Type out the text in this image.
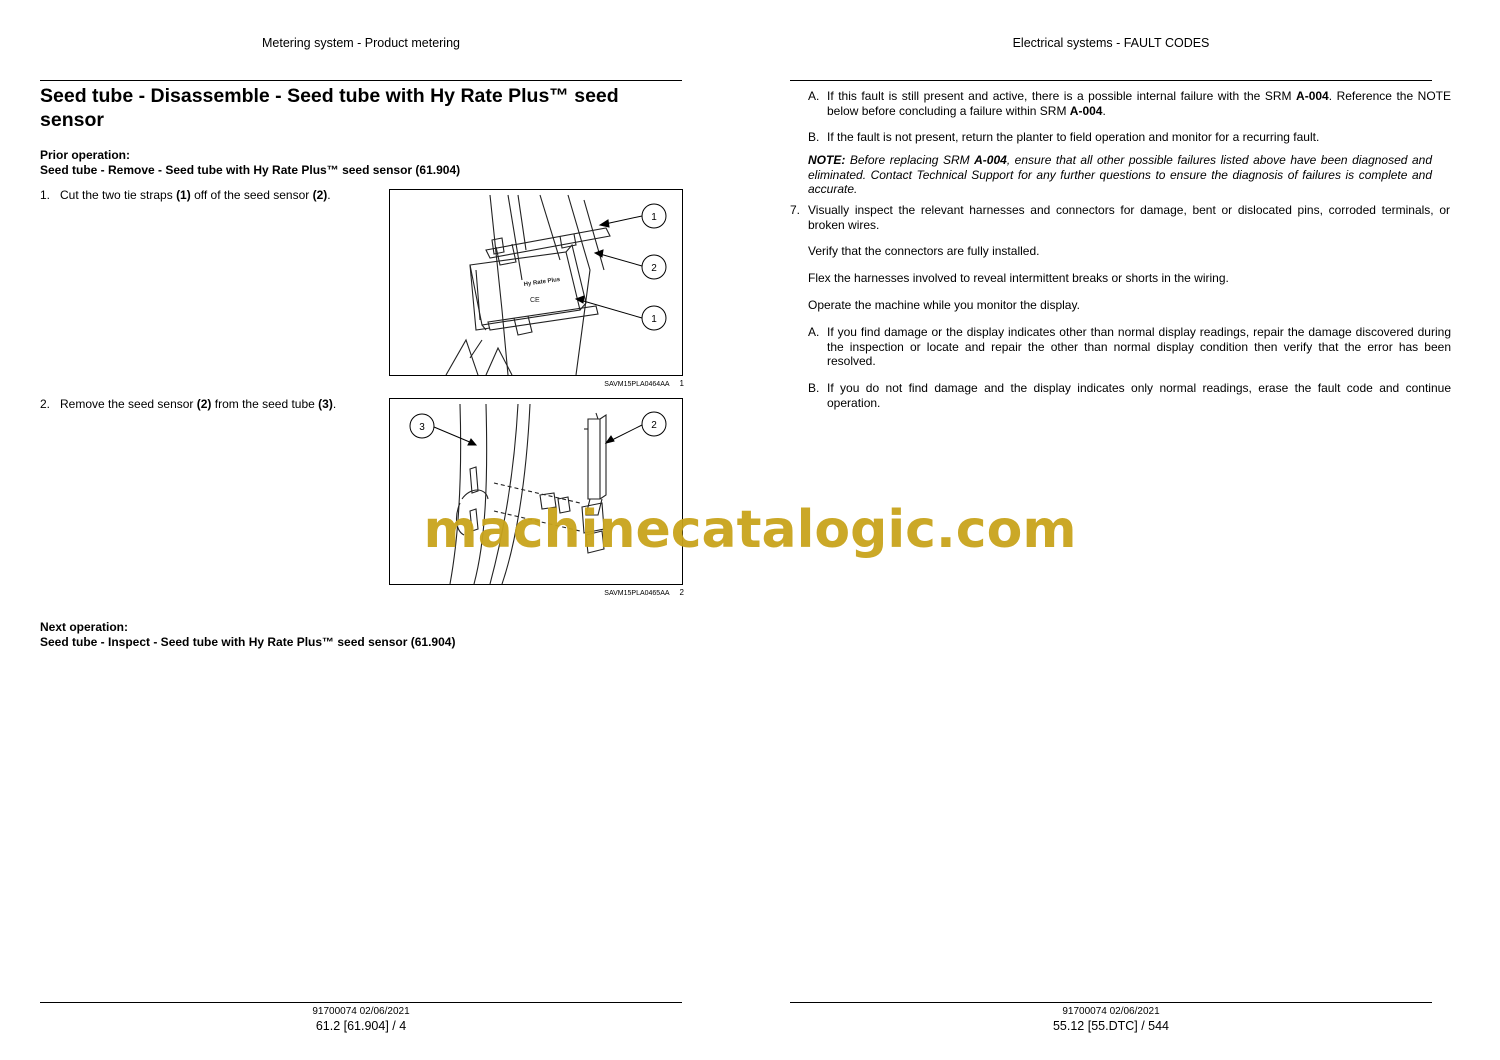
Metering system - Product metering
Seed tube - Disassemble - Seed tube with Hy Rate Plus™ seed sensor
Prior operation:
Seed tube - Remove - Seed tube with Hy Rate Plus™ seed sensor (61.904)
1. Cut the two tie straps (1) off of the seed sensor (2).
Hy Rate Plus
CE
1
2
1
SAVM15PLA0464AA 1
2. Remove the seed sensor (2) from the seed tube (3).
3	2
SAVM15PLA0465AA 2
Next operation:
Seed tube - Inspect - Seed tube with Hy Rate Plus™ seed sensor (61.904)
91700074 02/06/2021
61.2 [61.904] / 4
Electrical systems - FAULT CODES
A. If this fault is still present and active, there is a possible internal failure with the SRM A-004. Reference the NOTE below before concluding a failure within SRM A-004.
B. If the fault is not present, return the planter to field operation and monitor for a recurring fault.
NOTE: Before replacing SRM A-004, ensure that all other possible failures listed above have been diagnosed and eliminated. Contact Technical Support for any further questions to ensure the diagnosis of failures is complete and accurate.
7. Visually inspect the relevant harnesses and connectors for damage, bent or dislocated pins, corroded terminals, or broken wires.
Verify that the connectors are fully installed.
Flex the harnesses involved to reveal intermittent breaks or shorts in the wiring.
Operate the machine while you monitor the display.
A. If you find damage or the display indicates other than normal display readings, repair the damage discovered during the inspection or locate and repair the other than normal display condition then verify that the error has been resolved.
B. If you do not find damage and the display indicates only normal readings, erase the fault code and continue operation.
91700074 02/06/2021
55.12 [55.DTC] / 544
machinecatalogic.com
